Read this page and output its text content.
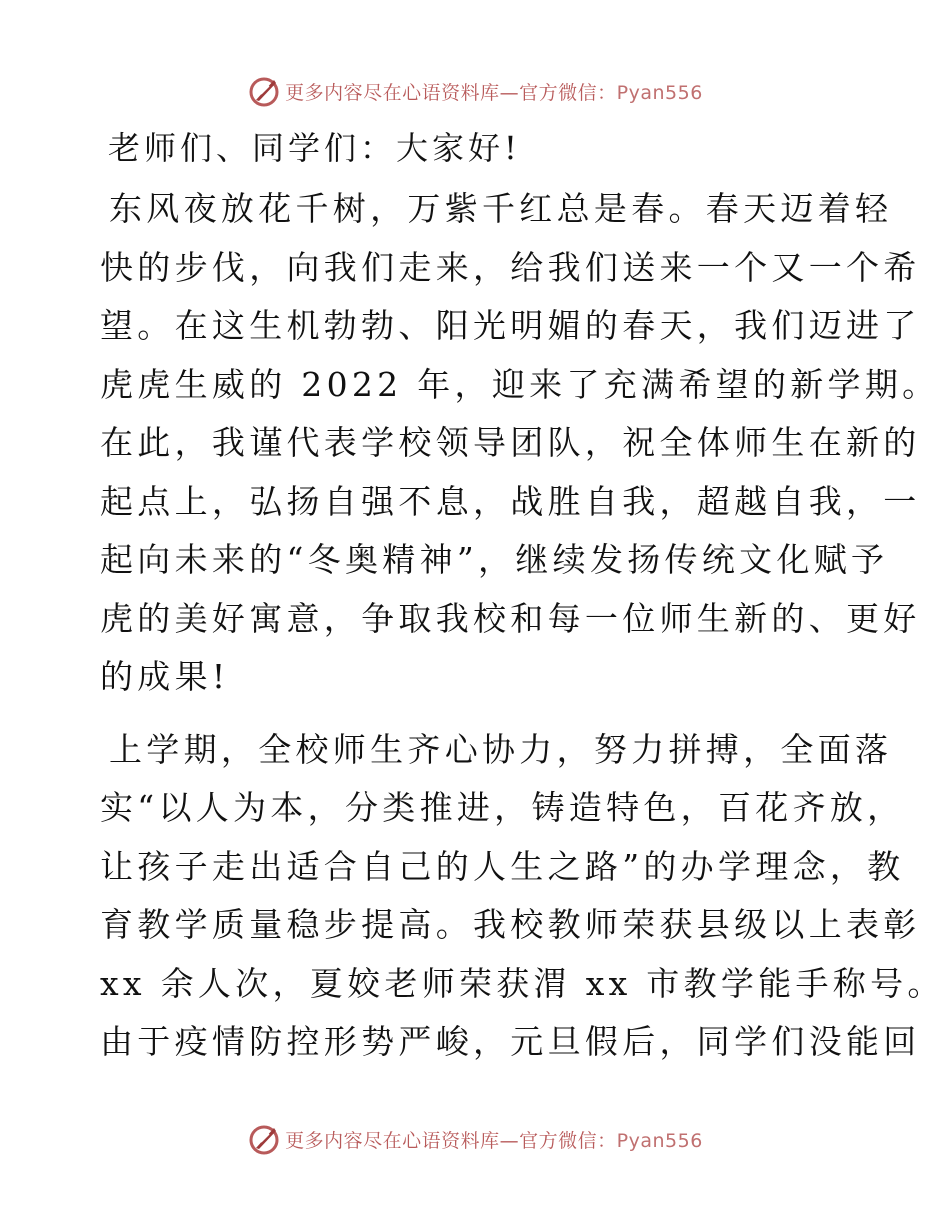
更多内容尽在心语资料库—官方微信：Pyan556
老师们、同学们：大家好!
东风夜放花千树，万紫千红总是春。春天迈着轻
快的步伐，向我们走来，给我们送来一个又一个希
望。在这生机勃勃、阳光明媚的春天，我们迈进了
虎虎生威的 2022 年，迎来了充满希望的新学期。
在此，我谨代表学校领导团队，祝全体师生在新的
起点上，弘扬自强不息，战胜自我，超越自我，一
起向未来的“冬奥精神”，继续发扬传统文化赋予
虎的美好寓意，争取我校和每一位师生新的、更好
的成果!
上学期，全校师生齐心协力，努力拼搏，全面落
实“以人为本，分类推进，铸造特色，百花齐放，
让孩子走出适合自己的人生之路”的办学理念，教
育教学质量稳步提高。我校教师荣获县级以上表彰
xx 余人次，夏姣老师荣获渭 xx 市教学能手称号。
由于疫情防控形势严峻，元旦假后，同学们没能回
更多内容尽在心语资料库—官方微信：Pyan556
